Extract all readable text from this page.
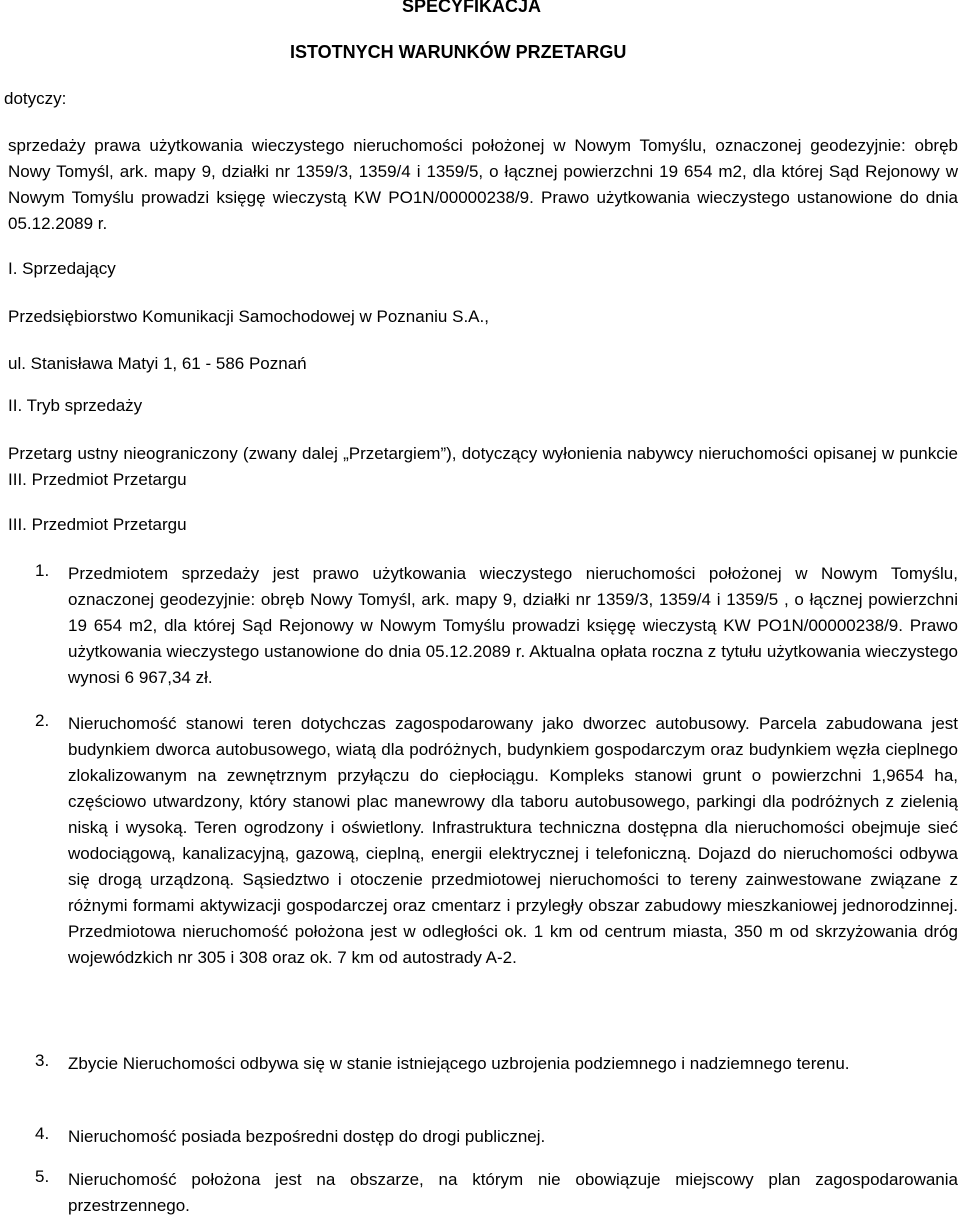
SPECYFIKACJA
ISTOTNYCH WARUNKÓW PRZETARGU
dotyczy:
sprzedaży prawa użytkowania wieczystego nieruchomości położonej w Nowym Tomyślu, oznaczonej geodezyjnie: obręb Nowy Tomyśl, ark. mapy 9, działki nr 1359/3, 1359/4 i 1359/5, o łącznej powierzchni 19 654 m2, dla której Sąd Rejonowy w Nowym Tomyślu prowadzi księgę wieczystą KW PO1N/00000238/9. Prawo użytkowania wieczystego ustanowione do dnia 05.12.2089 r.
I. Sprzedający
Przedsiębiorstwo Komunikacji Samochodowej w Poznaniu S.A.,
ul. Stanisława Matyi 1, 61 - 586 Poznań
II. Tryb sprzedaży
Przetarg ustny nieograniczony (zwany dalej „Przetargiem”), dotyczący wyłonienia nabywcy nieruchomości opisanej w punkcie III. Przedmiot Przetargu
III. Przedmiot Przetargu
1.	Przedmiotem sprzedaży jest prawo użytkowania wieczystego nieruchomości położonej w Nowym Tomyślu, oznaczonej geodezyjnie: obręb Nowy Tomyśl, ark. mapy 9, działki nr 1359/3, 1359/4 i 1359/5 , o łącznej powierzchni 19 654 m2, dla której Sąd Rejonowy w Nowym Tomyślu prowadzi księgę wieczystą KW PO1N/00000238/9. Prawo użytkowania wieczystego ustanowione do dnia 05.12.2089 r. Aktualna opłata roczna z tytułu użytkowania wieczystego wynosi 6 967,34 zł.
2.	Nieruchomość stanowi teren dotychczas zagospodarowany jako dworzec autobusowy. Parcela zabudowana jest budynkiem dworca autobusowego, wiatą dla podróżnych, budynkiem gospodarczym oraz budynkiem węzła cieplnego zlokalizowanym na zewnętrznym przyłączu do ciepłociągu. Kompleks stanowi grunt o powierzchni 1,9654 ha, częściowo utwardzony, który stanowi plac manewrowy dla taboru autobusowego, parkingi dla podróżnych z zielenią niską i wysoką. Teren ogrodzony i oświetlony. Infrastruktura techniczna dostępna dla nieruchomości obejmuje sieć wodociągową, kanalizacyjną, gazową, cieplną, energii elektrycznej i telefoniczną. Dojazd do nieruchomości odbywa się drogą urządzoną. Sąsiedztwo i otoczenie przedmiotowej nieruchomości to tereny zainwestowane związane z różnymi formami aktywizacji gospodarczej oraz cmentarz i przyległy obszar zabudowy mieszkaniowej jednorodzinnej. Przedmiotowa nieruchomość położona jest w odległości ok. 1 km od centrum miasta, 350 m od skrzyżowania dróg wojewódzkich nr 305 i 308 oraz ok. 7 km od autostrady A-2.
3.	Zbycie Nieruchomości odbywa się w stanie istniejącego uzbrojenia podziemnego i nadziemnego terenu.
4.	Nieruchomość posiada bezpośredni dostęp do drogi publicznej.
5.	Nieruchomość położona jest na obszarze, na którym nie obowiązuje miejscowy plan zagospodarowania przestrzennego.
